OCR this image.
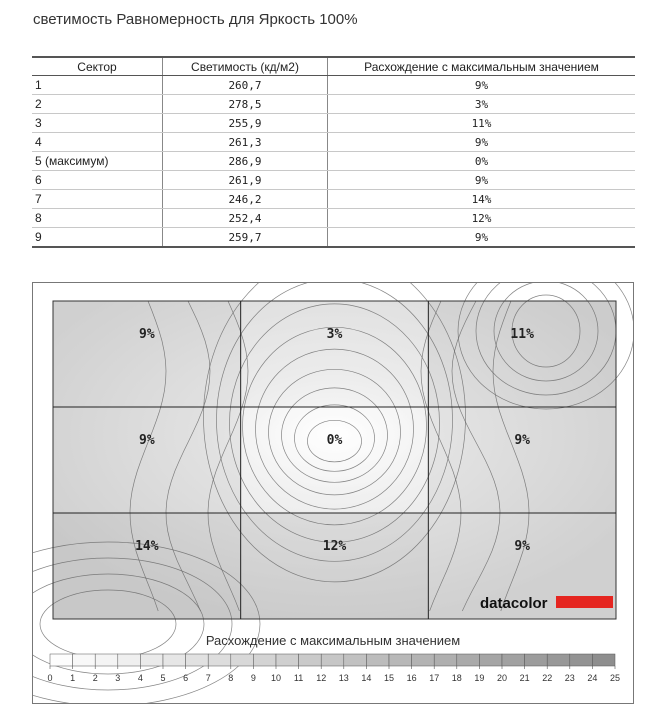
светимость Равномерность для Яркость 100%
Сектор	Светимость (кд/м2)	Расхождение с максимальным значением
1	260,7	9%
2	278,5	3%
3	255,9	11%
4	261,3	9%
5 (максимум)	286,9	0%
6	261,9	9%
7	246,2	14%
8	252,4	12%
9	259,7	9%
9%	3%	11%
9%	0%	9%
14%	12%	9%
datacolor
Расхождение с максимальным значением
0 1 2 3 4 5 6 7 8 9 10 11 12 13 14 15 16 17 18 19 20 21 22 23 24 25
